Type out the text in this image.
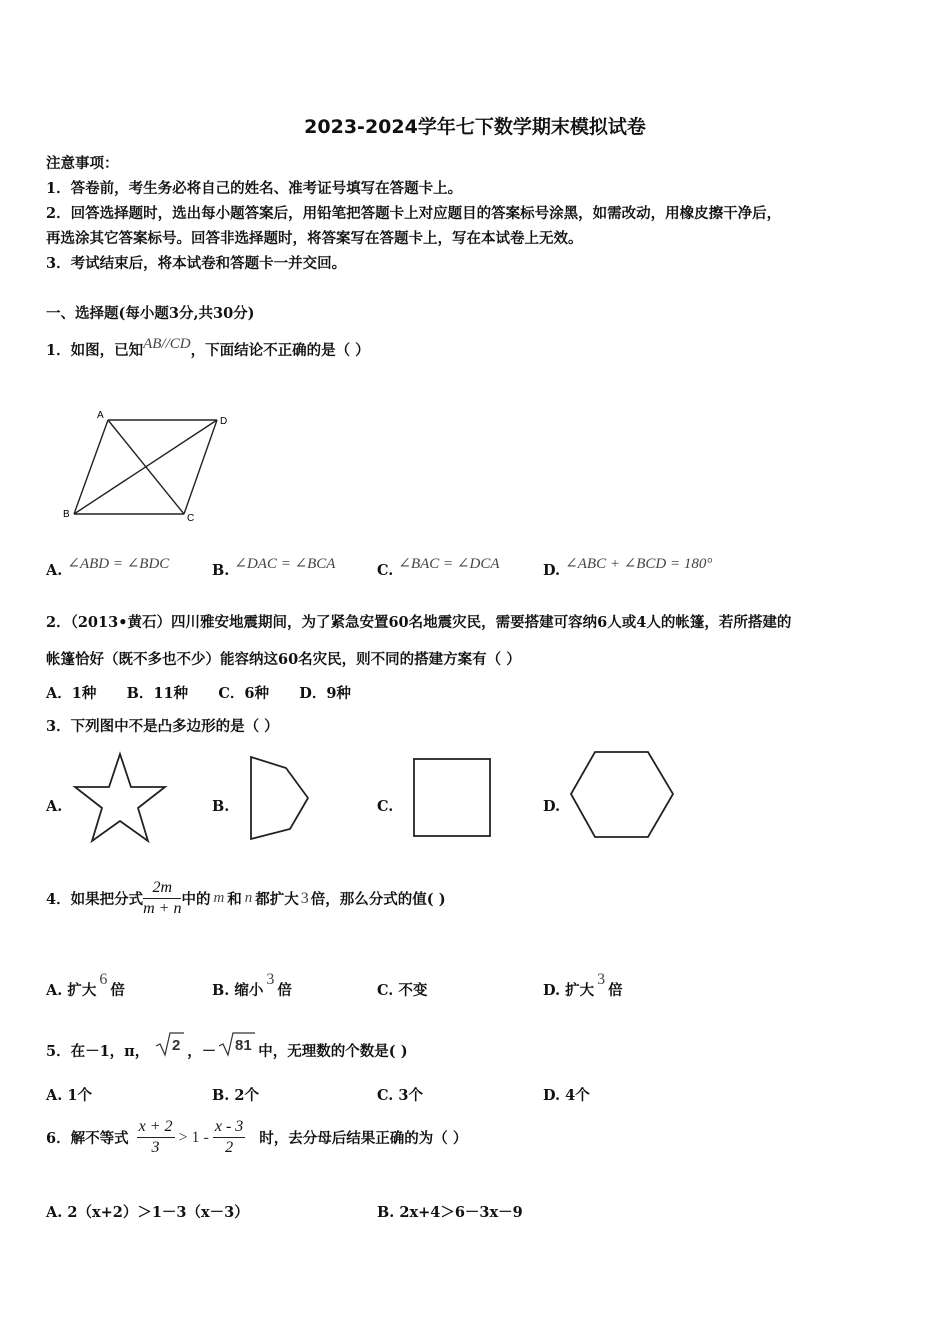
2023-2024学年七下数学期末模拟试卷
注意事项：
1．答卷前，考生务必将自己的姓名、准考证号填写在答题卡上。
2．回答选择题时，选出每小题答案后，用铅笔把答题卡上对应题目的答案标号涂黑，如需改动，用橡皮擦干净后，
再选涂其它答案标号。回答非选择题时，将答案写在答题卡上，写在本试卷上无效。
3．考试结束后，将本试卷和答题卡一并交回。
一、选择题(每小题3分,共30分)
1．如图，已知AB//CD，下面结论不正确的是（ ）
A
D
B	C
A. ∠ABD = ∠BDC	B. ∠DAC = ∠BCA	C. ∠BAC = ∠DCA	D. ∠ABC + ∠BCD = 180°
2．（2013•黄石）四川雅安地震期间，为了紧急安置60名地震灾民，需要搭建可容纳6人或4人的帐篷，若所搭建的
帐篷恰好（既不多也不少）能容纳这60名灾民，则不同的搭建方案有（ ）
A．1种      B．11种      C．6种      D．9种
3．下列图中不是凸多边形的是（ ）
A.	B.	C.	D.
4．如果把分式 $\frac{2m}{m + n}$ 中的 m 和 n 都扩大 3 倍，那么分式的值( )
A. 扩大6倍	B. 缩小3倍	C. 不变	D. 扩大3倍
5．在－1，π， 2 ，－ 81 中，无理数的个数是( )
A. 1个	B. 2个	C. 3个	D. 4个
6．解不等式 $\frac{x + 2}{3} > 1 - \frac{x - 3}{2}$ 时，去分母后结果正确的为（ ）
A. 2（x+2）＞1－3（x－3）	B. 2x+4＞6－3x－9
